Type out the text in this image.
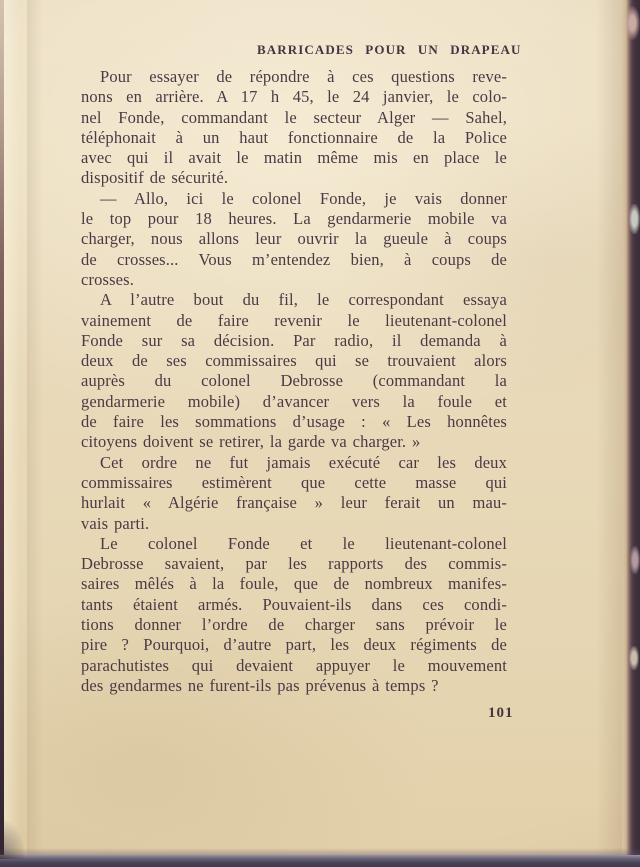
BARRICADES POUR UN DRAPEAU

Pour essayer de répondre à ces questions reve-
nons en arrière. A 17 h 45, le 24 janvier, le colo-
nel Fonde, commandant le secteur Alger — Sahel,
téléphonait à un haut fonctionnaire de la Police
avec qui il avait le matin même mis en place le
dispositif de sécurité.

— Allo, ici le colonel Fonde, je vais donner
le top pour 18 heures. La gendarmerie mobile va
charger, nous allons leur ouvrir la gueule à coups
de crosses... Vous m’entendez bien, à coups de
crosses.

A l’autre bout du fil, le correspondant essaya
vainement de faire revenir le lieutenant-colonel
Fonde sur sa décision. Par radio, il demanda à
deux de ses commissaires qui se trouvaient alors
auprès du colonel Debrosse (commandant la
gendarmerie mobile) d’avancer vers la foule et
de faire les sommations d’usage : « Les honnêtes
citoyens doivent se retirer, la garde va charger. »

Cet ordre ne fut jamais exécuté car les deux
commissaires estimèrent que cette masse qui
hurlait « Algérie française » leur ferait un mau-
vais parti.

Le colonel Fonde et le lieutenant-colonel
Debrosse savaient, par les rapports des commis-
saires mêlés à la foule, que de nombreux manifes-
tants étaient armés. Pouvaient-ils dans ces condi-
tions donner l’ordre de charger sans prévoir le
pire ? Pourquoi, d’autre part, les deux régiments de
parachutistes qui devaient appuyer le mouvement
des gendarmes ne furent-ils pas prévenus à temps ?

101
